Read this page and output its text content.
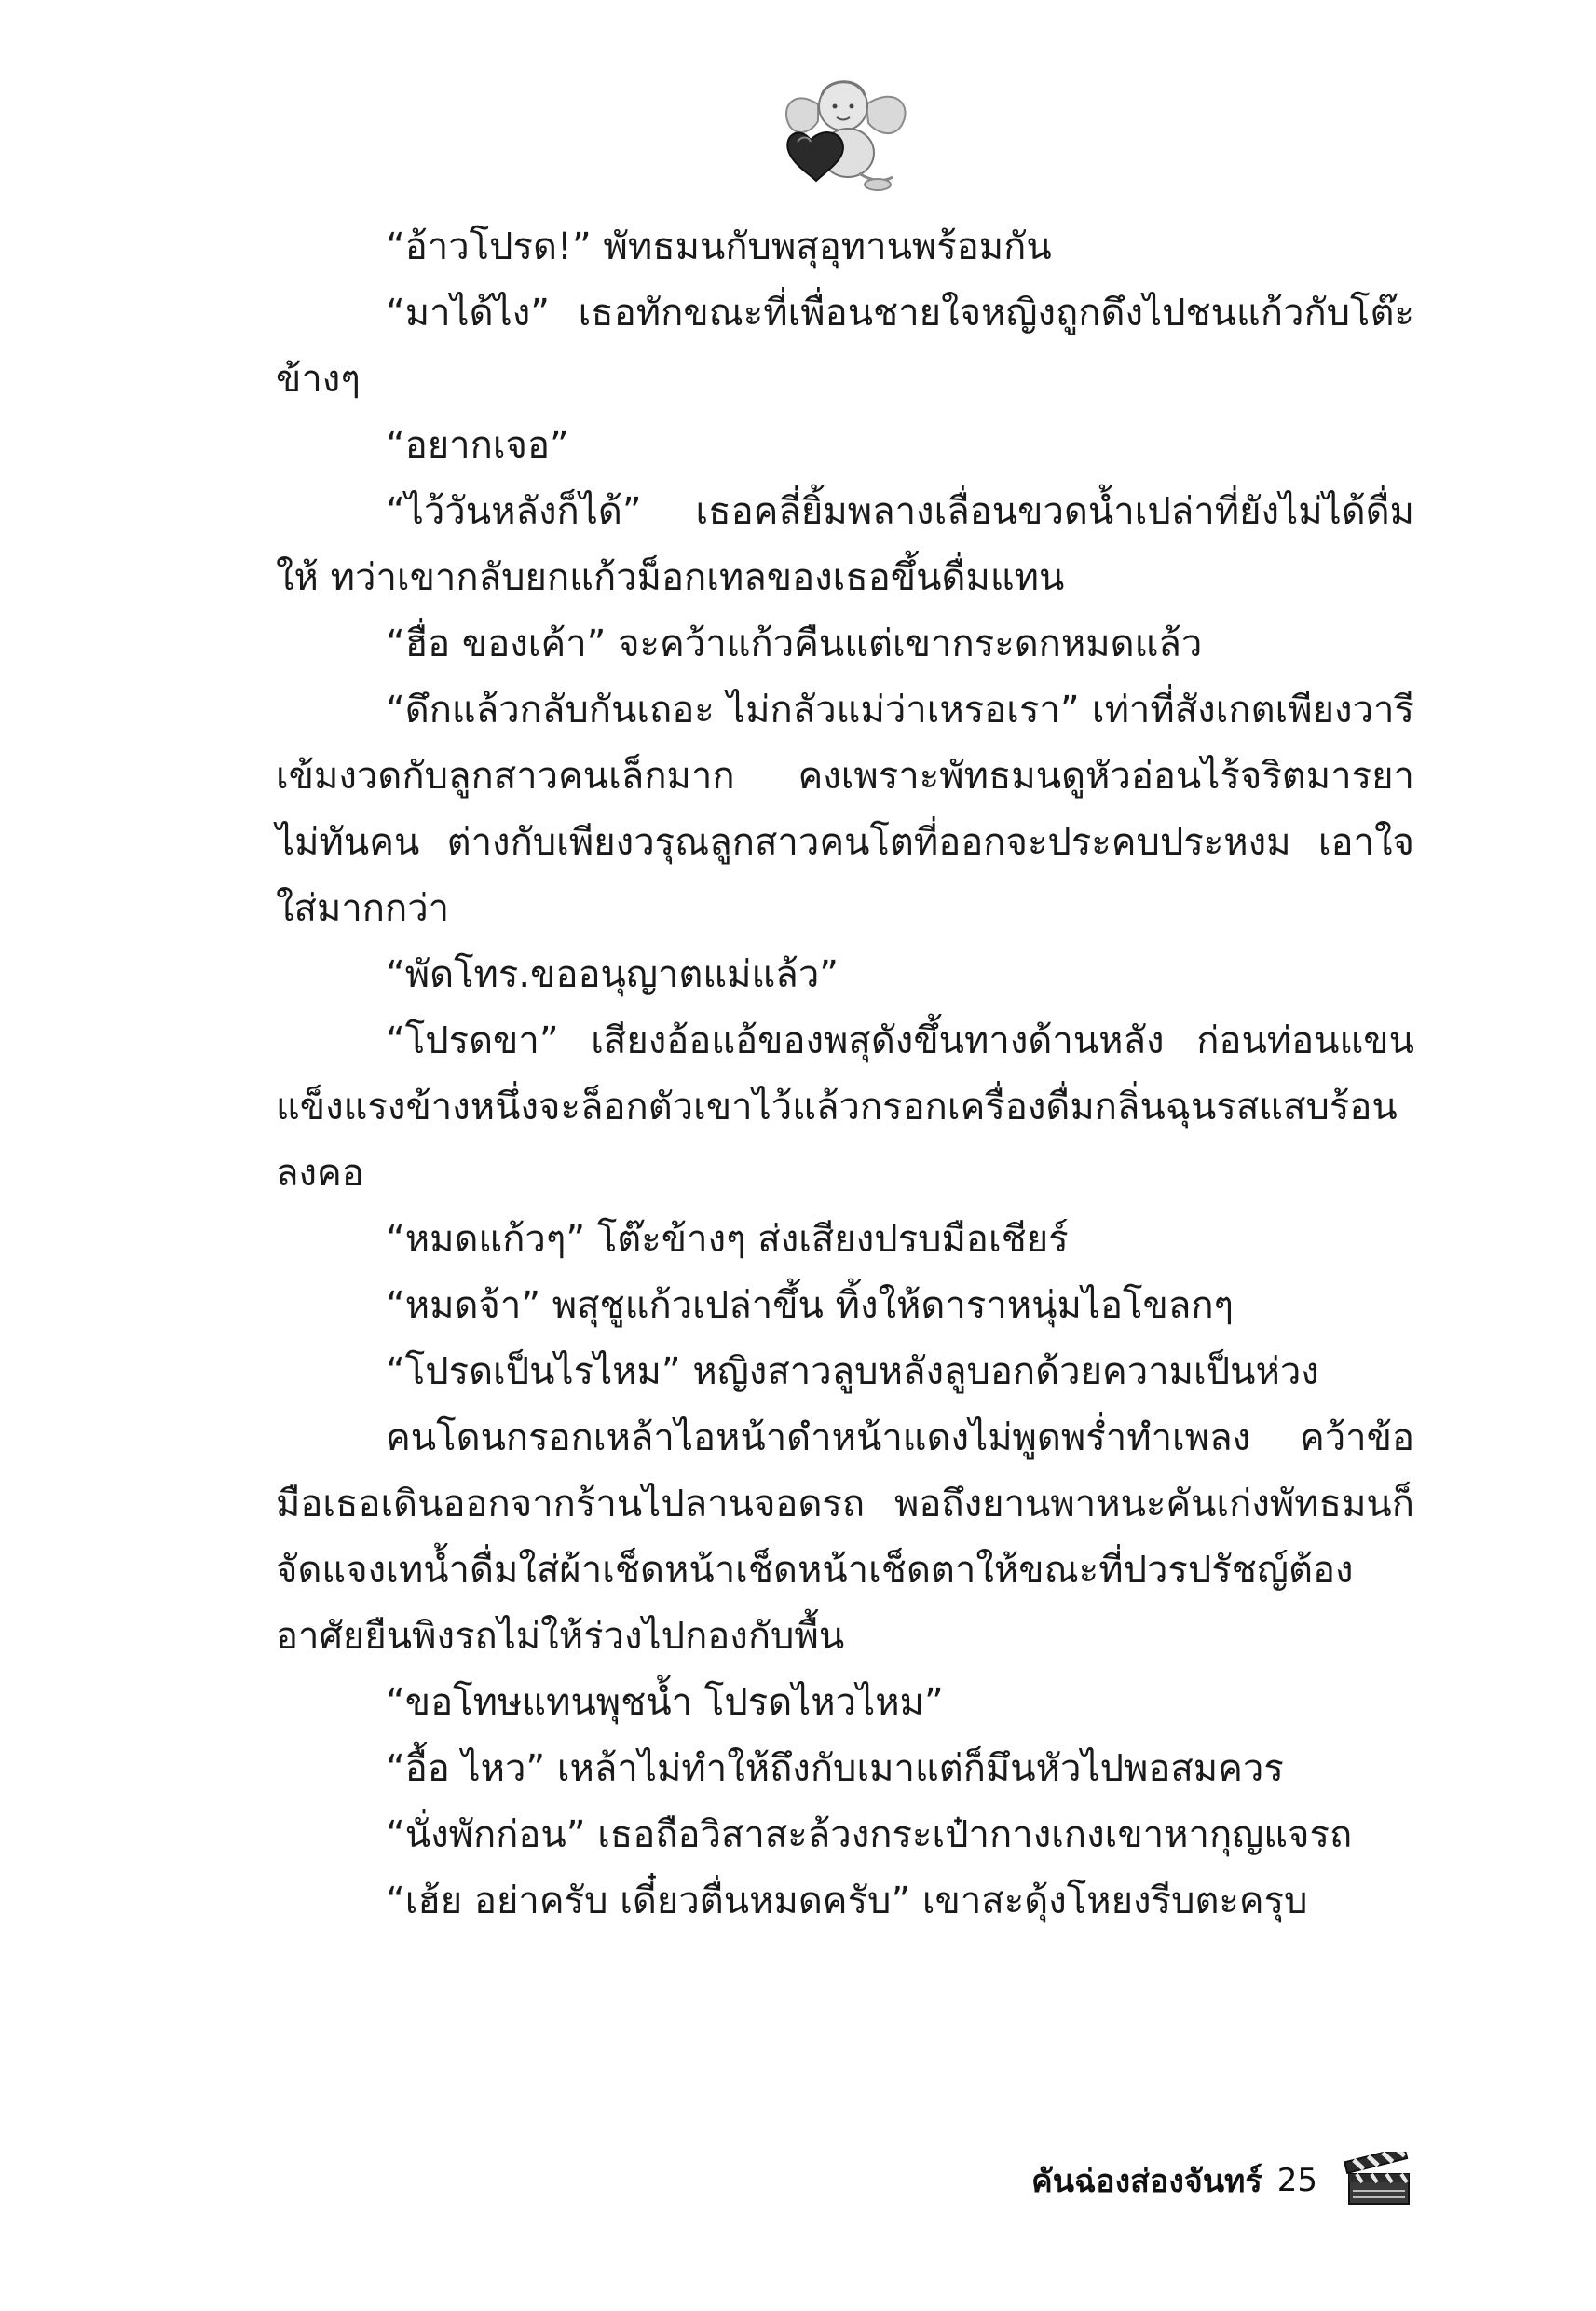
“อ้าวโปรด!” พัทธมนกับพสุอุทานพร้อมกัน

“มาได้ไง” เธอทักขณะที่เพื่อนชายใจหญิงถูกดึงไปชนแก้วกับโต๊ะข้างๆ

“อยากเจอ”

“ไว้วันหลังก็ได้” เธอคลี่ยิ้มพลางเลื่อนขวดน้ำเปล่าที่ยังไม่ได้ดื่มให้ ทว่าเขากลับยกแก้วม็อกเทลของเธอขึ้นดื่มแทน

“ฮื่อ ของเค้า” จะคว้าแก้วคืนแต่เขากระดกหมดแล้ว

“ดึกแล้วกลับกันเถอะ ไม่กลัวแม่ว่าเหรอเรา” เท่าที่สังเกตเพียงวารีเข้มงวดกับลูกสาวคนเล็กมาก คงเพราะพัทธมนดูหัวอ่อนไร้จริตมารยา ไม่ทันคน ต่างกับเพียงวรุณลูกสาวคนโตที่ออกจะประคบประหงม เอาใจใส่มากกว่า

“พัดโทร.ขออนุญาตแม่แล้ว”

“โปรดขา” เสียงอ้อแอ้ของพสุดังขึ้นทางด้านหลัง ก่อนท่อนแขนแข็งแรงข้างหนึ่งจะล็อกตัวเขาไว้แล้วกรอกเครื่องดื่มกลิ่นฉุนรสแสบร้อนลงคอ

“หมดแก้วๆ” โต๊ะข้างๆ ส่งเสียงปรบมือเชียร์

“หมดจ้า” พสุชูแก้วเปล่าขึ้น ทิ้งให้ดาราหนุ่มไอโขลกๆ

“โปรดเป็นไรไหม” หญิงสาวลูบหลังลูบอกด้วยความเป็นห่วง

คนโดนกรอกเหล้าไอหน้าดำหน้าแดงไม่พูดพร่ำทำเพลง คว้าข้อมือเธอเดินออกจากร้านไปลานจอดรถ พอถึงยานพาหนะคันเก่งพัทธมนก็จัดแจงเทน้ำดื่มใส่ผ้าเช็ดหน้าเช็ดหน้าเช็ดตาให้ขณะที่ปวรปรัชญ์ต้องอาศัยยืนพิงรถไม่ให้ร่วงไปกองกับพื้น

“ขอโทษแทนพุชน้ำ โปรดไหวไหม”

“อื้อ ไหว” เหล้าไม่ทำให้ถึงกับเมาแต่ก็มึนหัวไปพอสมควร

“นั่งพักก่อน” เธอถือวิสาสะล้วงกระเป๋ากางเกงเขาหากุญแจรถ

“เฮ้ย อย่าครับ เดี๋ยวตื่นหมดครับ” เขาสะดุ้งโหยงรีบตะครุบ

คันฉ่องส่องจันทร์ 25
